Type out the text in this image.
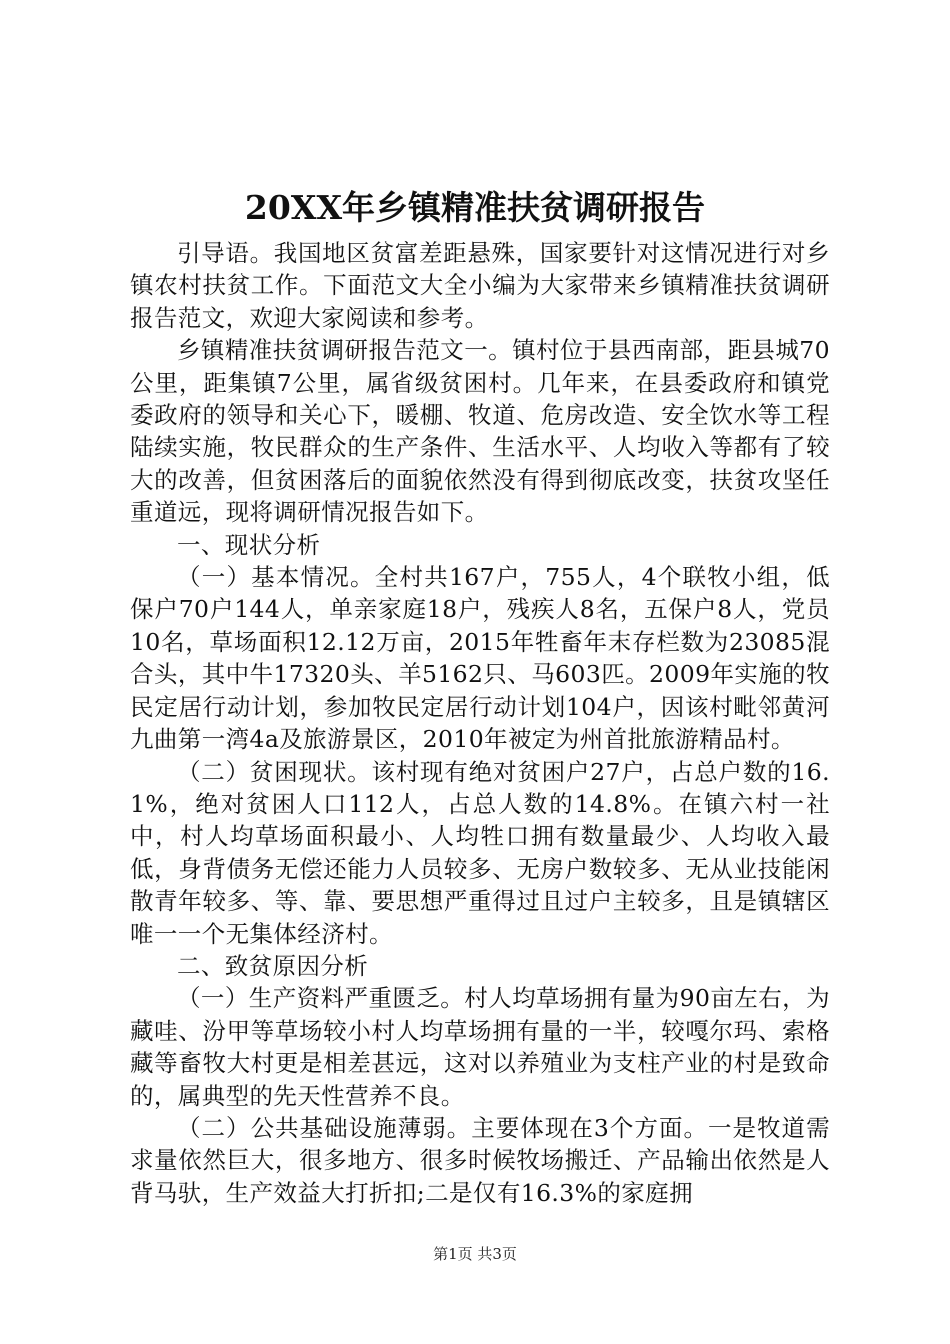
20XX年乡镇精准扶贫调研报告

引导语。我国地区贫富差距悬殊，国家要针对这情况进行对乡镇农村扶贫工作。下面范文大全小编为大家带来乡镇精准扶贫调研报告范文，欢迎大家阅读和参考。

乡镇精准扶贫调研报告范文一。镇村位于县西南部，距县城70公里，距集镇7公里，属省级贫困村。几年来，在县委政府和镇党委政府的领导和关心下，暖棚、牧道、危房改造、安全饮水等工程陆续实施，牧民群众的生产条件、生活水平、人均收入等都有了较大的改善，但贫困落后的面貌依然没有得到彻底改变，扶贫攻坚任重道远，现将调研情况报告如下。

一、现状分析

（一）基本情况。全村共167户，755人，4个联牧小组，低保户70户144人，单亲家庭18户，残疾人8名，五保户8人，党员10名，草场面积12.12万亩，2015年牲畜年末存栏数为23085混合头，其中牛17320头、羊5162只、马603匹。2009年实施的牧民定居行动计划，参加牧民定居行动计划104户，因该村毗邻黄河九曲第一湾4a及旅游景区，2010年被定为州首批旅游精品村。

（二）贫困现状。该村现有绝对贫困户27户，占总户数的16.1%，绝对贫困人口112人，占总人数的14.8%。在镇六村一社中，村人均草场面积最小、人均牲口拥有数量最少、人均收入最低，身背债务无偿还能力人员较多、无房户数较多、无从业技能闲散青年较多、等、靠、要思想严重得过且过户主较多，且是镇辖区唯一一个无集体经济村。

二、致贫原因分析

（一）生产资料严重匮乏。村人均草场拥有量为90亩左右，为藏哇、汾甲等草场较小村人均草场拥有量的一半，较嘎尔玛、索格藏等畜牧大村更是相差甚远，这对以养殖业为支柱产业的村是致命的，属典型的先天性营养不良。

（二）公共基础设施薄弱。主要体现在3个方面。一是牧道需求量依然巨大，很多地方、很多时候牧场搬迁、产品输出依然是人背马驮，生产效益大打折扣;二是仅有16.3%的家庭拥

第1页 共3页
